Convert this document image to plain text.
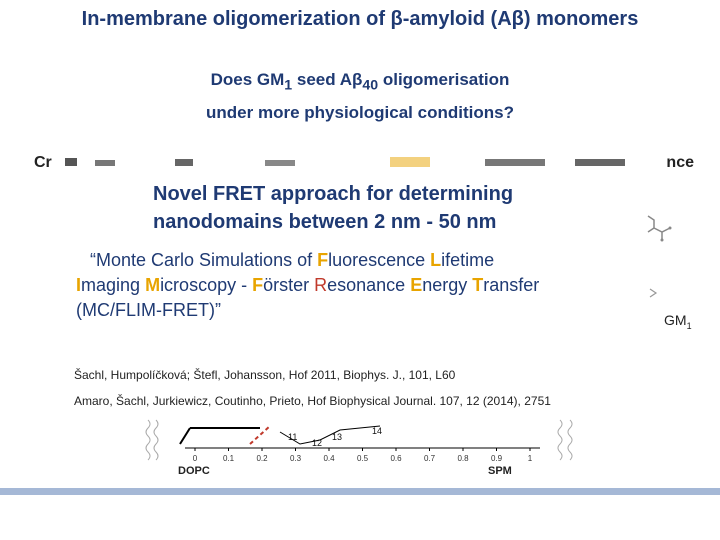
In-membrane oligomerization of β-amyloid (Aβ) monomers
Does $GM_1$ seed $A\beta_{40}$ oligomerisation
under more physiological conditions?
Cr	nce
Novel FRET approach for determining
nanodomains between 2 nm - 50 nm
“Monte Carlo Simulations of Fluorescence Lifetime
Imaging Microscopy - Förster Resonance Energy Transfer
(MC/FLIM-FRET)”	$GM_1$
Šachl, Humpolíčková; Štefl, Johansson, Hof 2011, Biophys. J., 101, L60
Amaro, Šachl, Jurkiewicz, Coutinho, Prieto, Hof Biophysical Journal. 107, 12 (2014), 2751
11
12
13
14
0	0.1	0.2	0.3	0.4	0.5	0.6	0.7	0.8	0.9	1
DOPC	SPM
